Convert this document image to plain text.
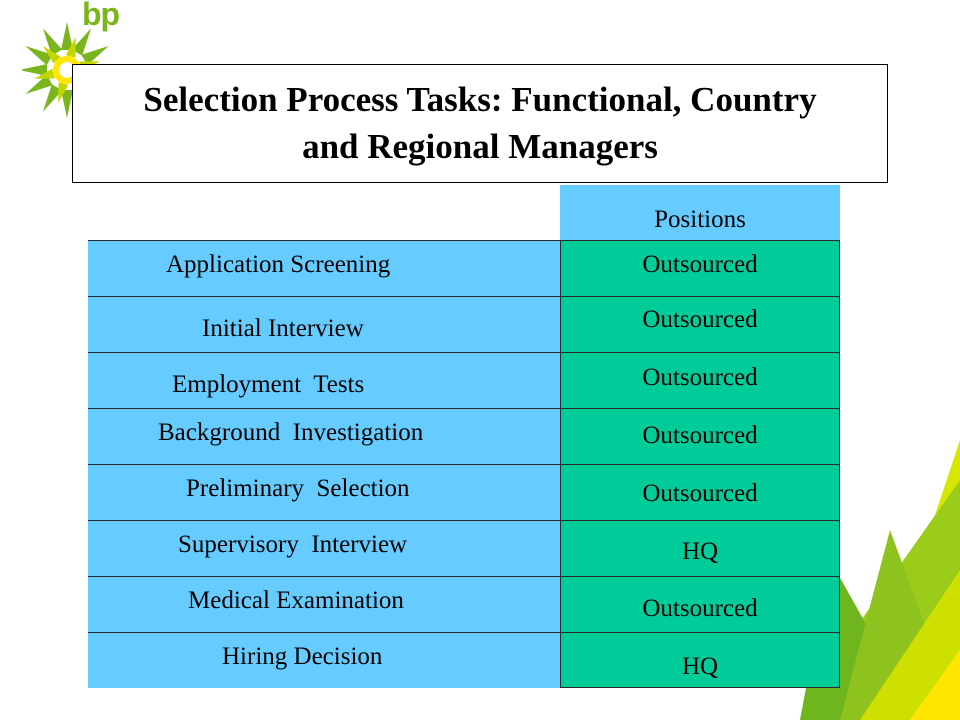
bp
Selection Process Tasks: Functional, Country
and Regional Managers
Positions
Application Screening
Initial Interview
Employment  Tests
Background  Investigation
Preliminary  Selection
Supervisory  Interview
Medical Examination
Hiring Decision
Outsourced
Outsourced
Outsourced
Outsourced
Outsourced
HQ
Outsourced
HQ
